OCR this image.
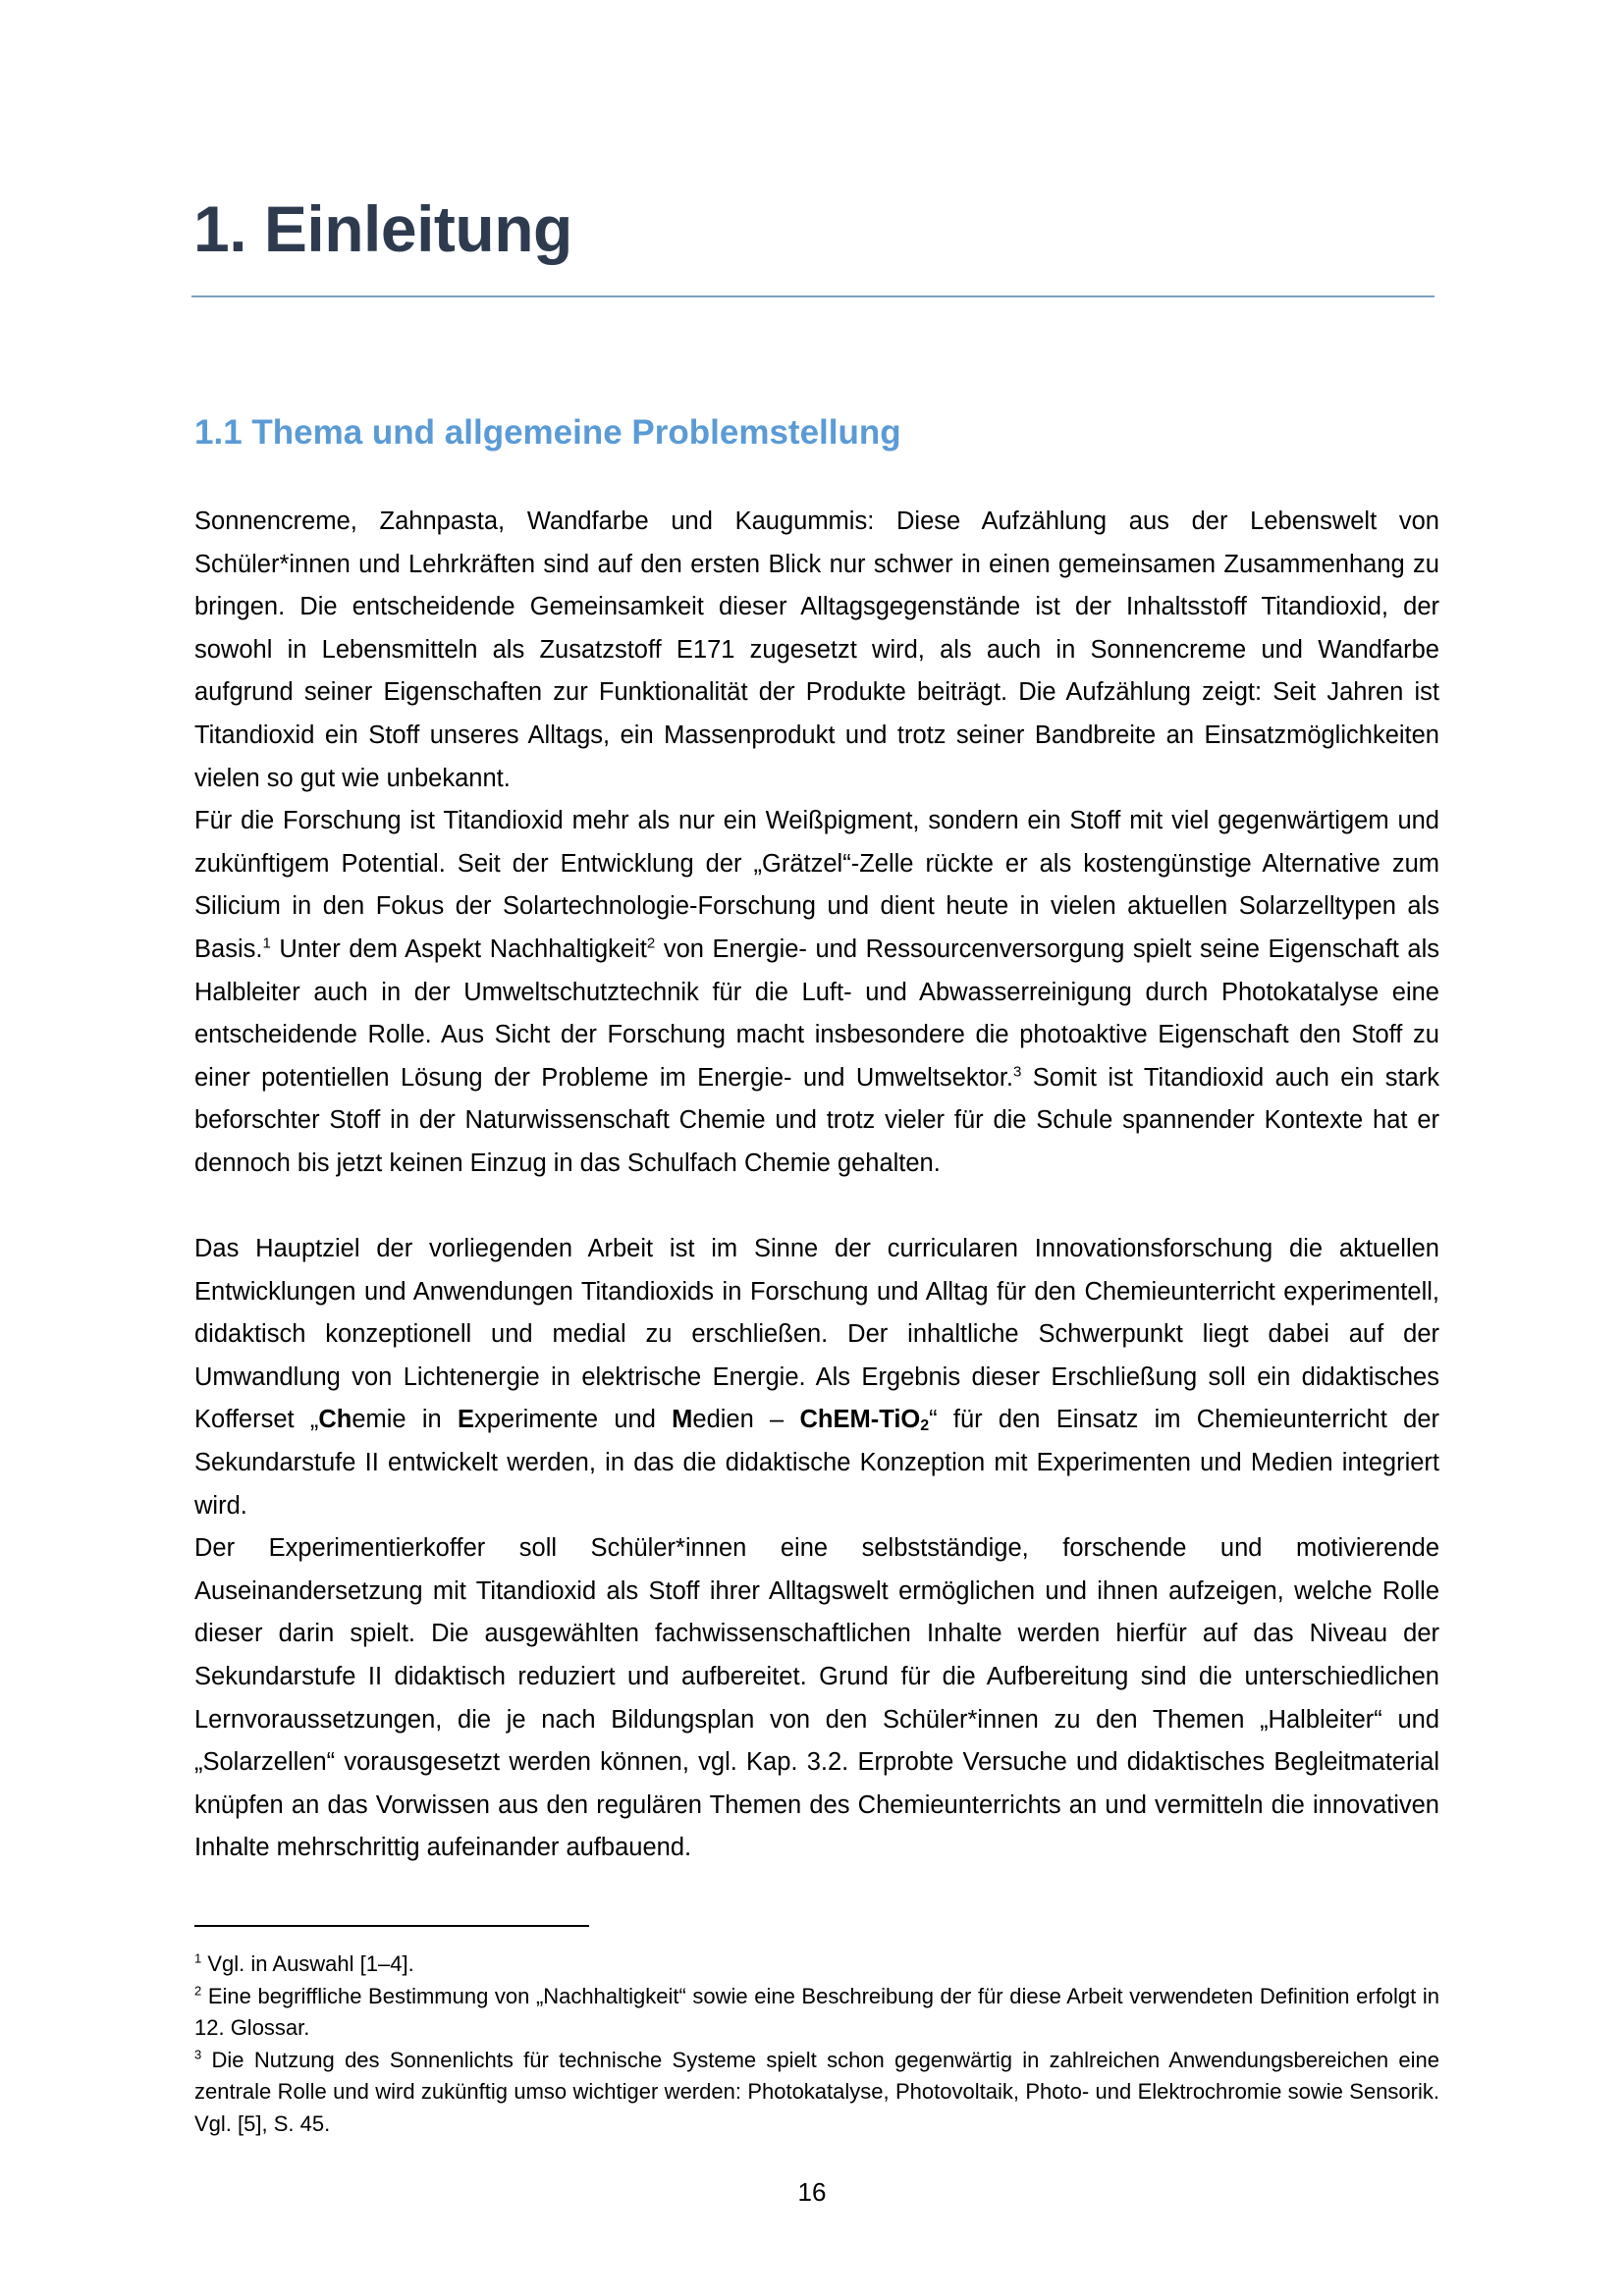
1. Einleitung
1.1 Thema und allgemeine Problemstellung

Sonnencreme, Zahnpasta, Wandfarbe und Kaugummis: Diese Aufzählung aus der Lebenswelt von Schüler*innen und Lehrkräften sind auf den ersten Blick nur schwer in einen gemeinsamen Zusammenhang zu bringen. Die entscheidende Gemeinsamkeit dieser Alltagsgegenstände ist der Inhaltsstoff Titandioxid, der sowohl in Lebensmitteln als Zusatzstoff E171 zugesetzt wird, als auch in Sonnencreme und Wandfarbe aufgrund seiner Eigenschaften zur Funktionalität der Produkte beiträgt. Die Aufzählung zeigt: Seit Jahren ist Titandioxid ein Stoff unseres Alltags, ein Massenprodukt und trotz seiner Bandbreite an Einsatzmöglichkeiten vielen so gut wie unbekannt.

Für die Forschung ist Titandioxid mehr als nur ein Weißpigment, sondern ein Stoff mit viel gegenwärtigem und zukünftigem Potential. Seit der Entwicklung der „Grätzel“-Zelle rückte er als kostengünstige Alternative zum Silicium in den Fokus der Solartechnologie-Forschung und dient heute in vielen aktuellen Solarzelltypen als Basis.$^1$ Unter dem Aspekt Nachhaltigkeit$^2$ von Energie- und Ressourcenversorgung spielt seine Eigenschaft als Halbleiter auch in der Umweltschutztechnik für die Luft- und Abwasserreinigung durch Photokatalyse eine entscheidende Rolle. Aus Sicht der Forschung macht insbesondere die photoaktive Eigenschaft den Stoff zu einer potentiellen Lösung der Probleme im Energie- und Umweltsektor.$^3$ Somit ist Titandioxid auch ein stark beforschter Stoff in der Naturwissenschaft Chemie und trotz vieler für die Schule spannender Kontexte hat er dennoch bis jetzt keinen Einzug in das Schulfach Chemie gehalten.

Das Hauptziel der vorliegenden Arbeit ist im Sinne der curricularen Innovationsforschung die aktuellen Entwicklungen und Anwendungen Titandioxids in Forschung und Alltag für den Chemieunterricht experimentell, didaktisch konzeptionell und medial zu erschließen. Der inhaltliche Schwerpunkt liegt dabei auf der Umwandlung von Lichtenergie in elektrische Energie. Als Ergebnis dieser Erschließung soll ein didaktisches Kofferset „Chemie in Experimente und Medien – ChEM-TiO2“ für den Einsatz im Chemieunterricht der Sekundarstufe II entwickelt werden, in das die didaktische Konzeption mit Experimenten und Medien integriert wird.

Der Experimentierkoffer soll Schüler*innen eine selbstständige, forschende und motivierende Auseinandersetzung mit Titandioxid als Stoff ihrer Alltagswelt ermöglichen und ihnen aufzeigen, welche Rolle dieser darin spielt. Die ausgewählten fachwissenschaftlichen Inhalte werden hierfür auf das Niveau der Sekundarstufe II didaktisch reduziert und aufbereitet. Grund für die Aufbereitung sind die unterschiedlichen Lernvoraussetzungen, die je nach Bildungsplan von den Schüler*innen zu den Themen „Halbleiter“ und „Solarzellen“ vorausgesetzt werden können, vgl. Kap. 3.2. Erprobte Versuche und didaktisches Begleitmaterial knüpfen an das Vorwissen aus den regulären Themen des Chemieunterrichts an und vermitteln die innovativen Inhalte mehrschrittig aufeinander aufbauend.

$^1$ Vgl. in Auswahl [1–4].

$^2$ Eine begriffliche Bestimmung von „Nachhaltigkeit“ sowie eine Beschreibung der für diese Arbeit verwendeten Definition erfolgt in 12. Glossar.

$^3$ Die Nutzung des Sonnenlichts für technische Systeme spielt schon gegenwärtig in zahlreichen Anwendungsbereichen eine zentrale Rolle und wird zukünftig umso wichtiger werden: Photokatalyse, Photovoltaik, Photo- und Elektrochromie sowie Sensorik. Vgl. [5], S. 45.

16
